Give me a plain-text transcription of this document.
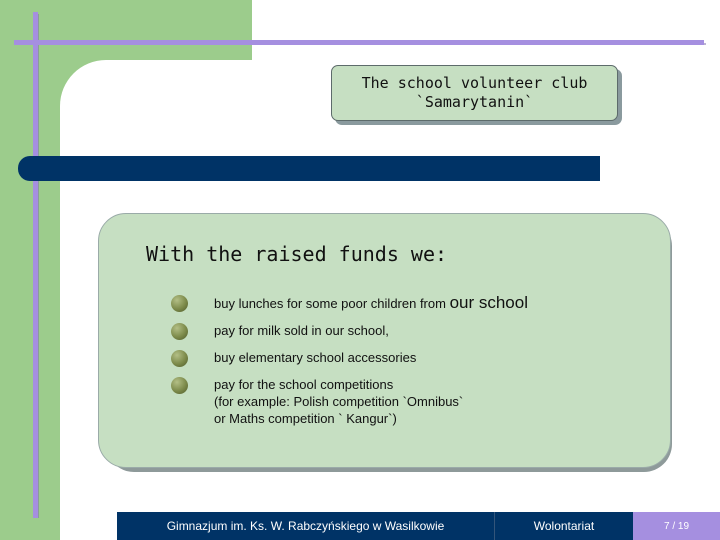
The school volunteer club
`Samarytanin`
With the raised funds we:
buy lunches for some poor children from our school
pay for milk sold in our school,
buy elementary school accessories
pay for the school competitions
(for example: Polish competition `Omnibus`
or Maths competition ` Kangur`)
Gimnazjum im. Ks. W. Rabczyńskiego w Wasilkowie	Wolontariat	7 / 19
